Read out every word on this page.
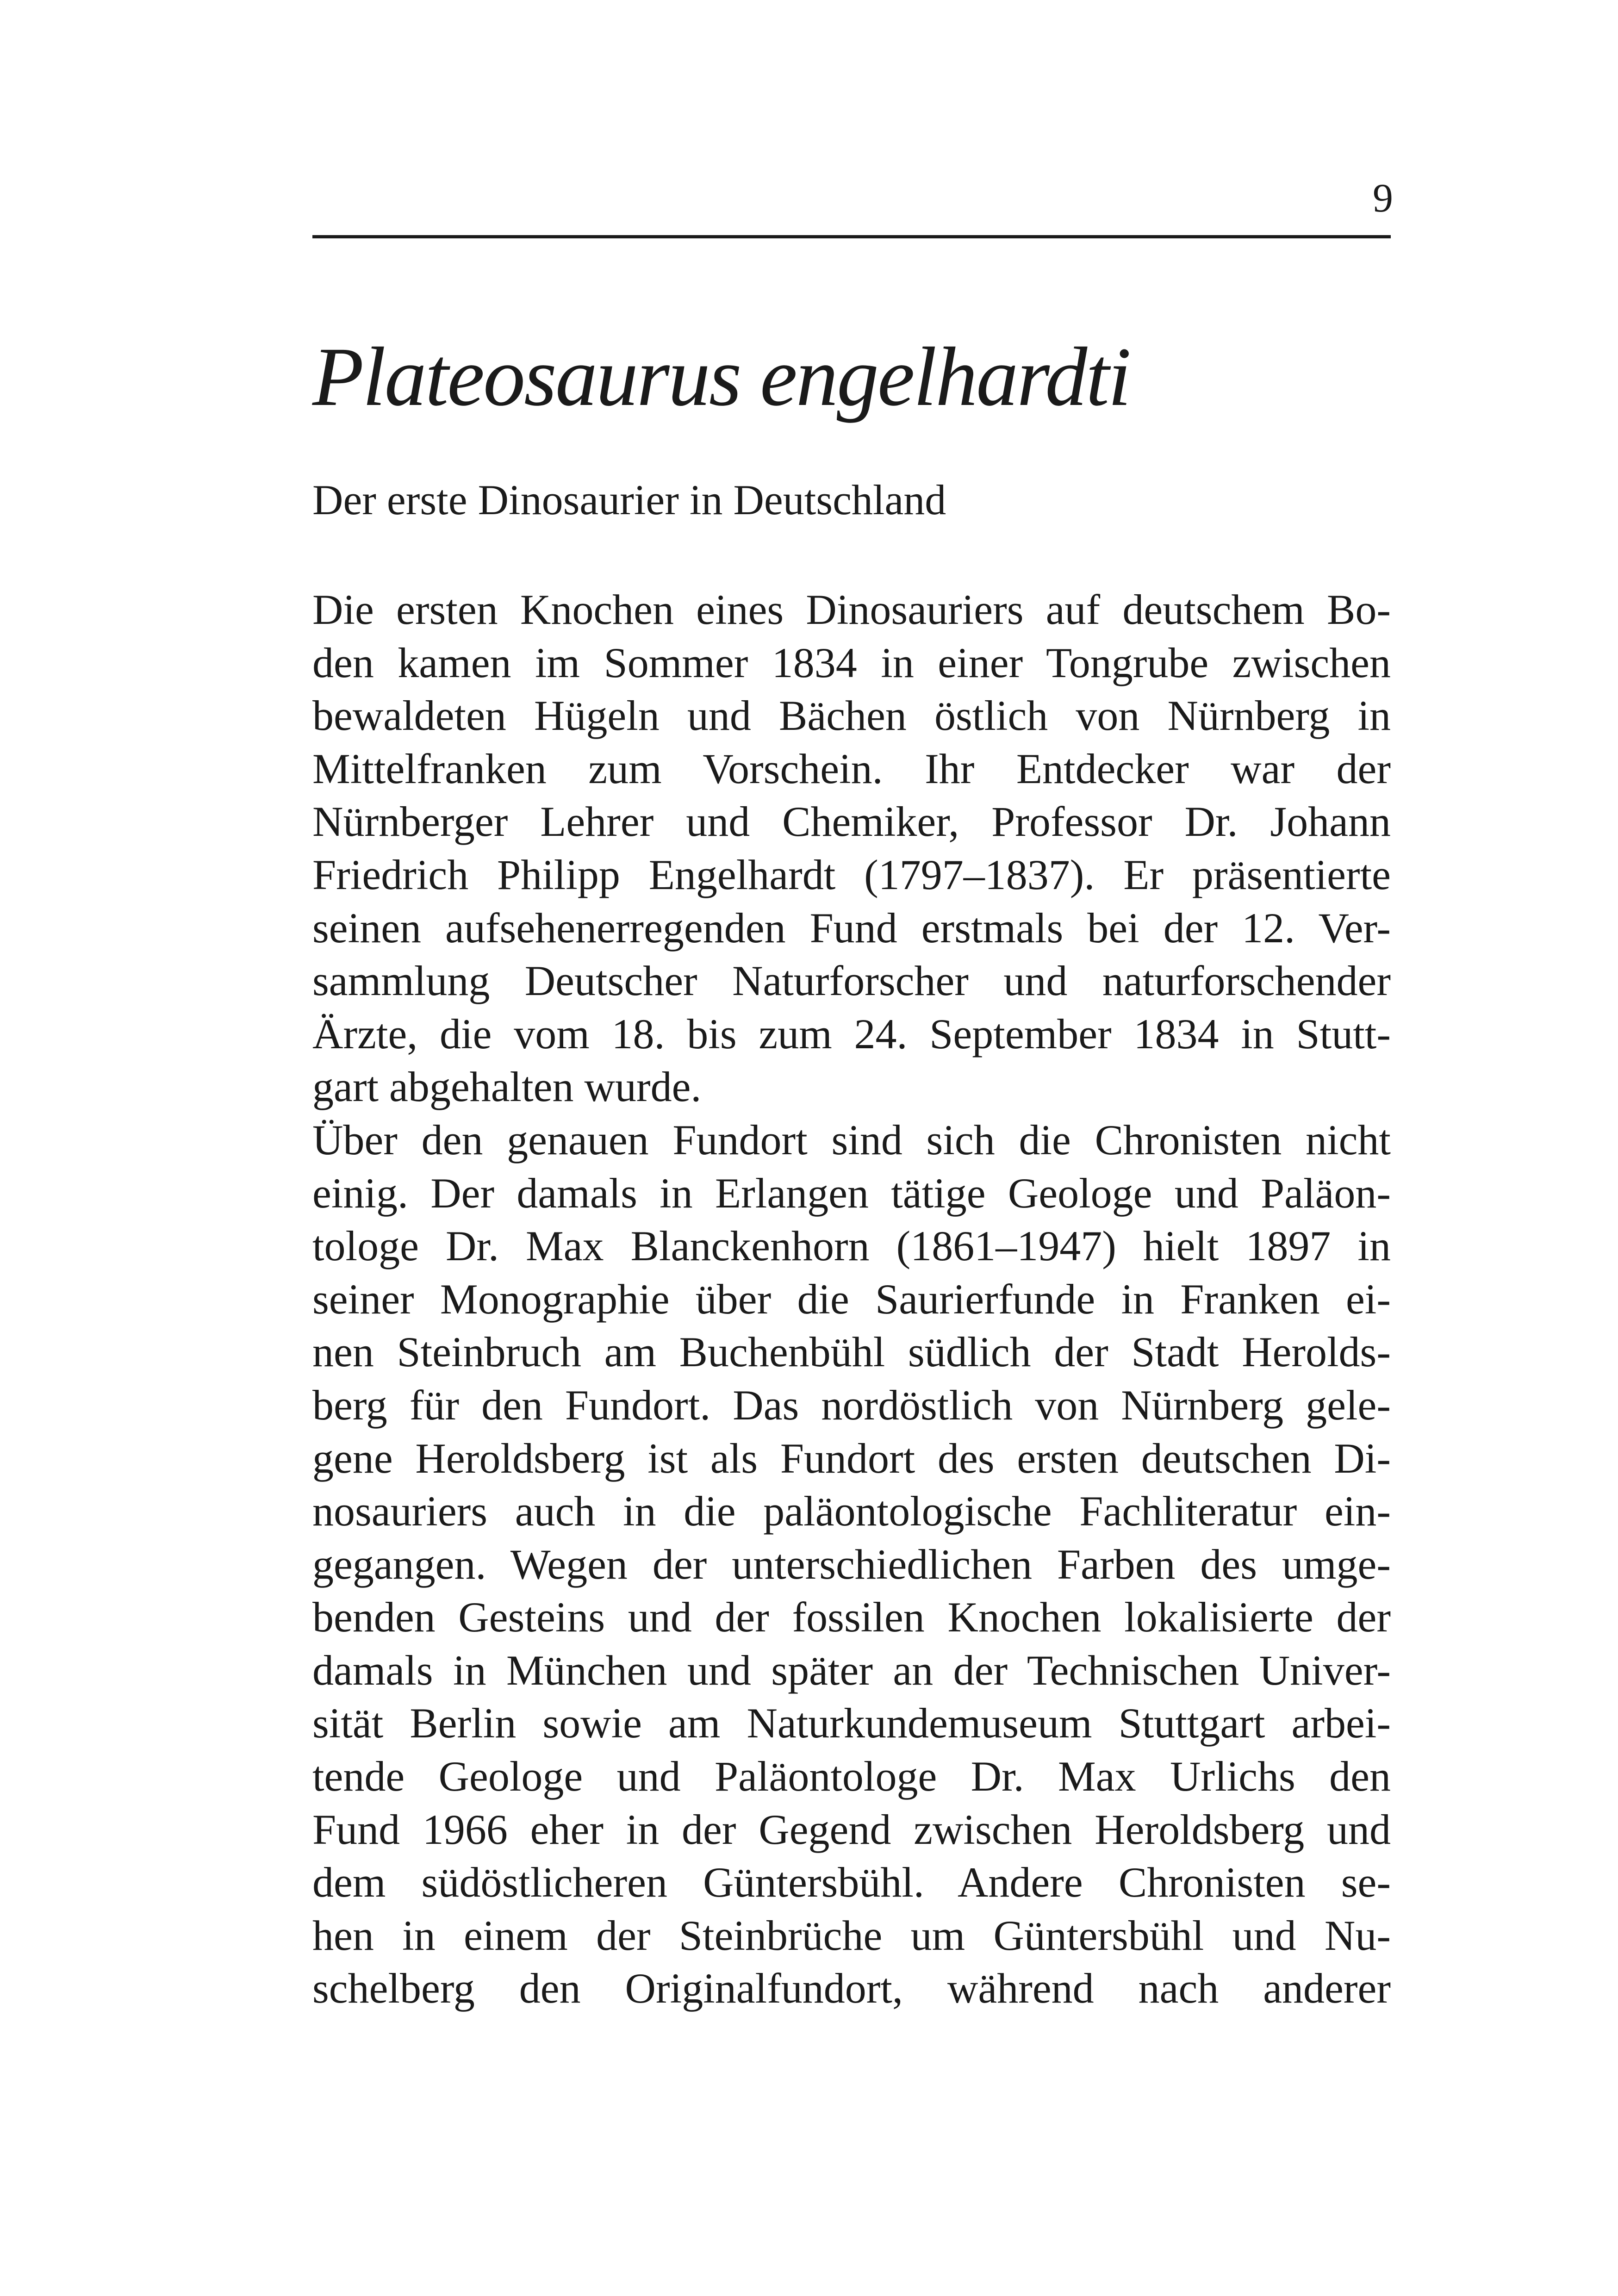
9
Plateosaurus engelhardti

Der erste Dinosaurier in Deutschland

Die ersten Knochen eines Dinosauriers auf deutschem Bo-
den kamen im Sommer 1834 in einer Tongrube zwischen
bewaldeten Hügeln und Bächen östlich von Nürnberg in
Mittelfranken zum Vorschein. Ihr Entdecker war der
Nürnberger Lehrer und Chemiker, Professor Dr. Johann
Friedrich Philipp Engelhardt (1797–1837). Er präsentierte
seinen aufsehenerregenden Fund erstmals bei der 12. Ver-
sammlung Deutscher Naturforscher und naturforschender
Ärzte, die vom 18. bis zum 24. September 1834 in Stutt-
gart abgehalten wurde.
Über den genauen Fundort sind sich die Chronisten nicht
einig. Der damals in Erlangen tätige Geologe und Paläon-
tologe Dr. Max Blanckenhorn (1861–1947) hielt 1897 in
seiner Monographie über die Saurierfunde in Franken ei-
nen Steinbruch am Buchenbühl südlich der Stadt Herolds-
berg für den Fundort. Das nordöstlich von Nürnberg gele-
gene Heroldsberg ist als Fundort des ersten deutschen Di-
nosauriers auch in die paläontologische Fachliteratur ein-
gegangen. Wegen der unterschiedlichen Farben des umge-
benden Gesteins und der fossilen Knochen lokalisierte der
damals in München und später an der Technischen Univer-
sität Berlin sowie am Naturkundemuseum Stuttgart arbei-
tende Geologe und Paläontologe Dr. Max Urlichs den
Fund 1966 eher in der Gegend zwischen Heroldsberg und
dem südöstlicheren Güntersbühl. Andere Chronisten se-
hen in einem der Steinbrüche um Güntersbühl und Nu-
schelberg den Originalfundort, während nach anderer
